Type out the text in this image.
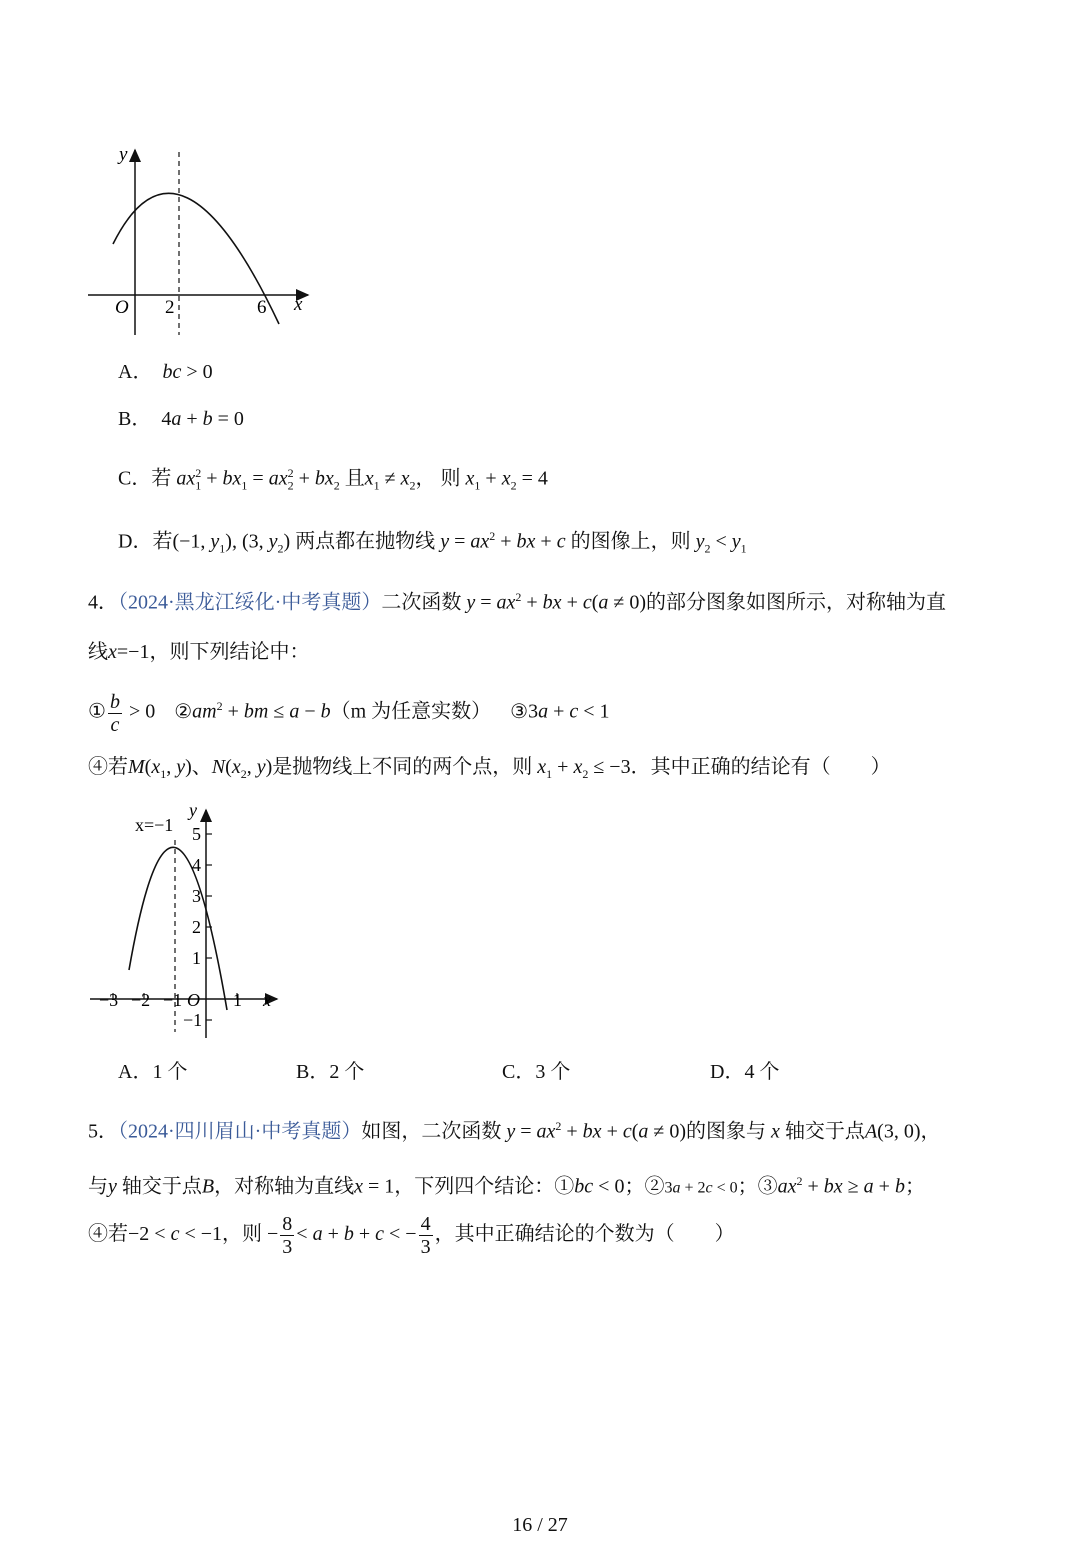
y
x
O 2	6
A． bc > 0
B． 4a + b = 0
C．若 $ax_1^2 + bx_1 = ax_2^2 + bx_2$ 且$x_1 \ne x_2$， 则 $x_1 + x_2 = 4$
D．若(−1, $y_1$), (3, $y_2$) 两点都在抛物线 $y = ax^2$ + bx + c 的图像上，则 $y_2 < y_1$
4．（2024·黑龙江绥化·中考真题）二次函数 $y = ax^2$ + bx + c(a ≠ 0)的部分图象如图所示，对称轴为直
线x=−1，则下列结论中：
① $\frac{b}{c} > 0$ $②am^2$ + bm ≤ a − b（m 为任意实数） ③3a + c < 1
④若$M(x_1$, y)、$N(x_2$, y)是抛物线上不同的两个点，则 $x_1 + x_2 \le -3$．其中正确的结论有（　　）
x=−1
y
x
O
5
4
3
2
1
−1
−3 −2 −1	1
A．1 个	B．2 个	C．3 个	D．4 个
5．（2024·四川眉山·中考真题）如图，二次函数 $y = ax^2$ + bx + c(a ≠ 0)的图象与 x 轴交于点A(3, 0)，
与y 轴交于点B，对称轴为直线x = 1，下列四个结论：①bc < 0；②3a + 2c < 0；$③ax^2$ + bx ≥ a + b；
④若−2 < c < −1，则 − $\frac{8}{3} < a + b + c$ < − $\frac{4}{3}$ ，其中正确结论的个数为（　　）
16 / 27
